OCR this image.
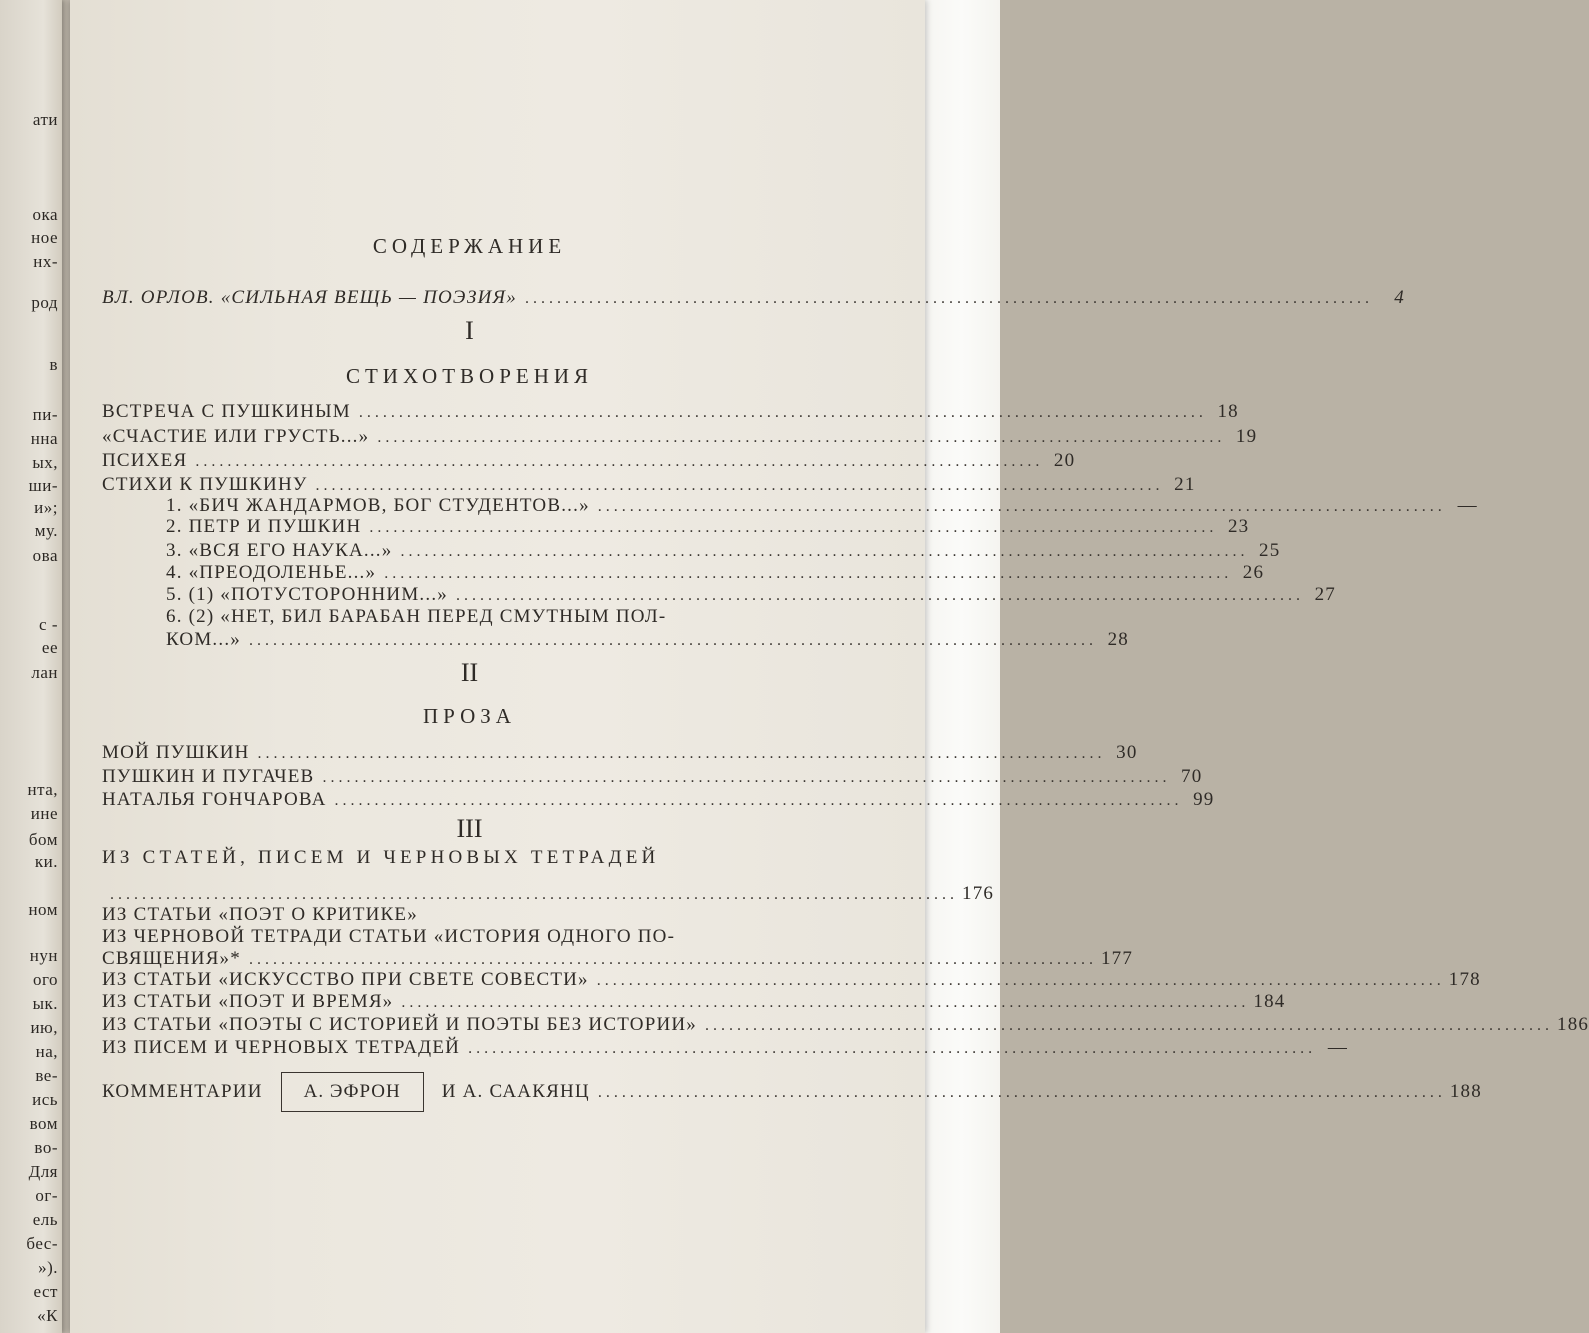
ати
ока
ное
нх-
род
в
пи-
нна
ых,
ши-
и»;
му.
ова
с -
ее
лан
нта,
ине
бом
ки.
ном
нун
ого
ык.
ию,
на,
ве-
ись
вом
во-
Для
ог-
ель
бес-
»).
ест
«К
СОДЕРЖАНИЕ
ВЛ. ОРЛОВ. «СИЛЬНАЯ ВЕЩЬ — ПОЭЗИЯ» ..........................................................................................................	4
I
СТИХОТВОРЕНИЯ
ВСТРЕЧА С ПУШКИНЫМ .......................................................................................................... 18
«СЧАСТИЕ ИЛИ ГРУСТЬ...» .......................................................................................................... 19
ПСИХЕЯ .......................................................................................................... 20
СТИХИ К ПУШКИНУ .......................................................................................................... 21
1. «БИЧ ЖАНДАРМОВ, БОГ СТУДЕНТОВ...» .......................................................................................................... —
2. ПЕТР И ПУШКИН .......................................................................................................... 23
3. «ВСЯ ЕГО НАУКА...» .......................................................................................................... 25
4. «ПРЕОДОЛЕНЬЕ...» .......................................................................................................... 26
5. (1) «ПОТУСТОРОННИМ...» .......................................................................................................... 27
6. (2) «НЕТ, БИЛ БАРАБАН ПЕРЕД СМУТНЫМ ПОЛ-
КОМ...» .......................................................................................................... 28
II
ПРОЗА
МОЙ ПУШКИН .......................................................................................................... 30
ПУШКИН И ПУГАЧЕВ .......................................................................................................... 70
НАТАЛЬЯ ГОНЧАРОВА .......................................................................................................... 99
III
ИЗ СТАТЕЙ, ПИСЕМ И ЧЕРНОВЫХ ТЕТРАДЕЙ
.......................................................................................................... 176
ИЗ СТАТЬИ «ПОЭТ О КРИТИКЕ»
ИЗ ЧЕРНОВОЙ ТЕТРАДИ СТАТЬИ «ИСТОРИЯ ОДНОГО ПО-
СВЯЩЕНИЯ»* .......................................................................................................... 177
ИЗ СТАТЬИ «ИСКУССТВО ПРИ СВЕТЕ СОВЕСТИ» .......................................................................................................... 178
ИЗ СТАТЬИ «ПОЭТ И ВРЕМЯ» .......................................................................................................... 184
ИЗ СТАТЬИ «ПОЭТЫ С ИСТОРИЕЙ И ПОЭТЫ БЕЗ ИСТОРИИ» .......................................................................................................... 186
ИЗ ПИСЕМ И ЧЕРНОВЫХ ТЕТРАДЕЙ .......................................................................................................... —
КОММЕНТАРИИ	А. ЭФРОН	И А. СААКЯНЦ .......................................................................................................... 188
